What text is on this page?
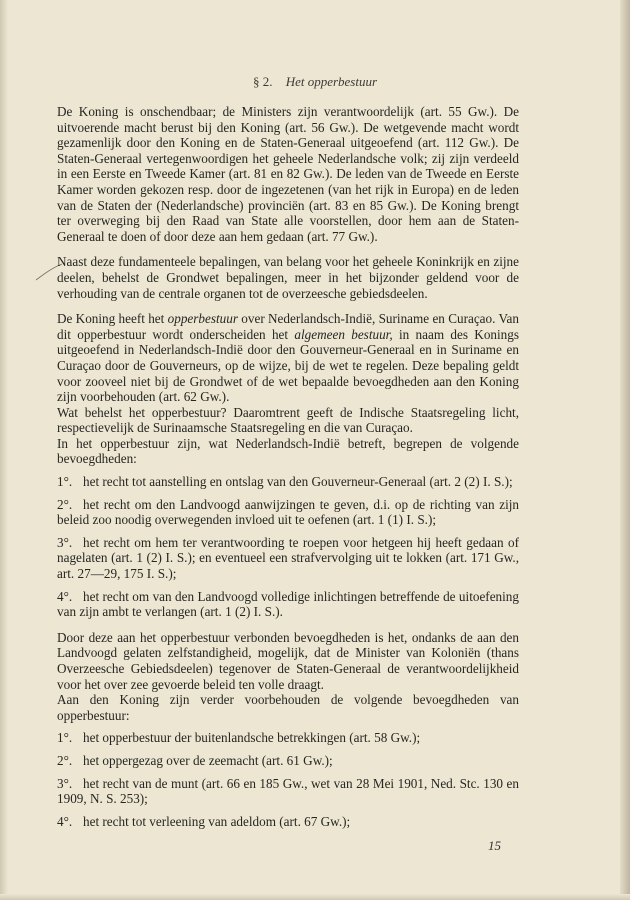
§ 2. Het opperbestuur

De Koning is onschendbaar; de Ministers zijn verantwoordelijk (art. 55 Gw.). De uitvoerende macht berust bij den Koning (art. 56 Gw.). De wetgevende macht wordt gezamenlijk door den Koning en de Staten-Generaal uitgeoefend (art. 112 Gw.). De Staten-Generaal vertegenwoordigen het geheele Nederlandsche volk; zij zijn verdeeld in een Eerste en Tweede Kamer (art. 81 en 82 Gw.). De leden van de Tweede en Eerste Kamer worden gekozen resp. door de ingezetenen (van het rijk in Europa) en de leden van de Staten der (Nederlandsche) provinciën (art. 83 en 85 Gw.). De Koning brengt ter overweging bij den Raad van State alle voorstellen, door hem aan de Staten-Generaal te doen of door deze aan hem gedaan (art. 77 Gw.).

Naast deze fundamenteele bepalingen, van belang voor het geheele Koninkrijk en zijne deelen, behelst de Grondwet bepalingen, meer in het bijzonder geldend voor de verhouding van de centrale organen tot de overzeesche gebiedsdeelen.

De Koning heeft het opperbestuur over Nederlandsch-Indië, Suriname en Curaçao. Van dit opperbestuur wordt onderscheiden het algemeen bestuur, in naam des Konings uitgeoefend in Nederlandsch-Indië door den Gouverneur-Generaal en in Suriname en Curaçao door de Gouverneurs, op de wijze, bij de wet te regelen. Deze bepaling geldt voor zooveel niet bij de Grondwet of de wet bepaalde bevoegdheden aan den Koning zijn voorbehouden (art. 62 Gw.).

Wat behelst het opperbestuur? Daaromtrent geeft de Indische Staatsregeling licht, respectievelijk de Surinaamsche Staatsregeling en die van Curaçao.

In het opperbestuur zijn, wat Nederlandsch-Indië betreft, begrepen de volgende bevoegdheden:

1°. het recht tot aanstelling en ontslag van den Gouverneur-Generaal (art. 2 (2) I. S.);

2°. het recht om den Landvoogd aanwijzingen te geven, d.i. op de richting van zijn beleid zoo noodig overwegenden invloed uit te oefenen (art. 1 (1) I. S.);

3°. het recht om hem ter verantwoording te roepen voor hetgeen hij heeft gedaan of nagelaten (art. 1 (2) I. S.); en eventueel een strafvervolging uit te lokken (art. 171 Gw., art. 27—29, 175 I. S.);

4°. het recht om van den Landvoogd volledige inlichtingen betreffende de uitoefening van zijn ambt te verlangen (art. 1 (2) I. S.).

Door deze aan het opperbestuur verbonden bevoegdheden is het, ondanks de aan den Landvoogd gelaten zelfstandigheid, mogelijk, dat de Minister van Koloniën (thans Overzeesche Gebiedsdeelen) tegenover de Staten-Generaal de verantwoordelijkheid voor het over zee gevoerde beleid ten volle draagt.

Aan den Koning zijn verder voorbehouden de volgende bevoegdheden van opperbestuur:

1°. het opperbestuur der buitenlandsche betrekkingen (art. 58 Gw.);

2°. het oppergezag over de zeemacht (art. 61 Gw.);

3°. het recht van de munt (art. 66 en 185 Gw., wet van 28 Mei 1901, Ned. Stc. 130 en 1909, N. S. 253);

4°. het recht tot verleening van adeldom (art. 67 Gw.);

15
